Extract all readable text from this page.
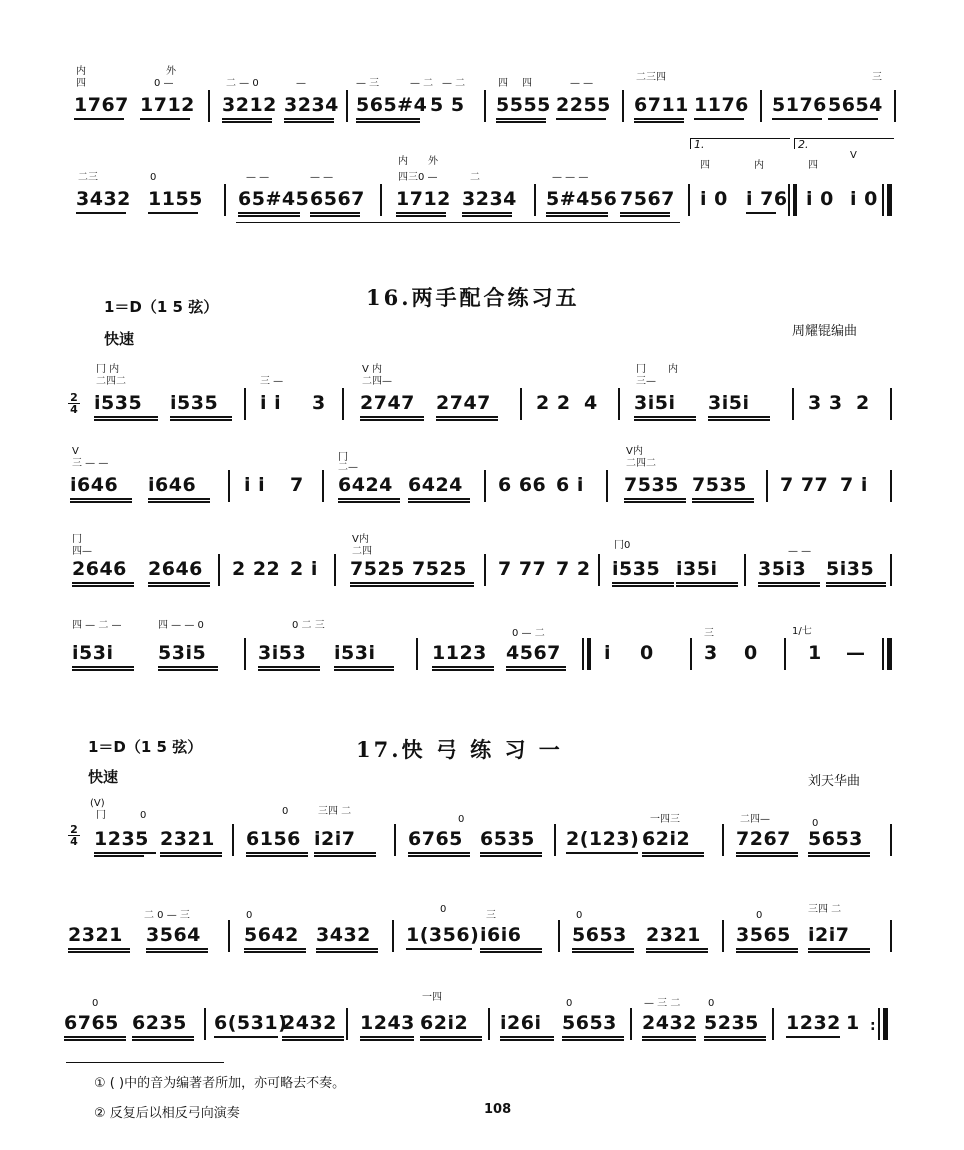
内
四
外
0 —	二 — 0	—	— 三	— 二 — 二	四 四	— —
二三四	三
1767 1712 3212 3234 565#4 5 5 5555 2255 6711 1176 5176 5654
二三	0	— —	— —
内 外
四三0 —	二	— — —
四	内	四
V
1.	2.
3432 1155 65#45 6567 1712 3234 5#456 7567 i 0 i 76 i 0 i 0
1＝D（1 5 弦）	16.两手配合练习五
快速	周耀锟编曲
2
4
冂 内
二四二	三 —
V 内
二四—
冂 内
三—
i535 i535 i i 3 2747 2747 2 2 4 3i5i 3i5i	3 3 2
V
三 — —
冂
二—
V内
二四二
i646 i646	i i 7 6424 6424 6 66 6 i 7535 7535 7 77 7 i
冂
四—
V内
二四
冂0
— —
2646 2646 2 22 2 i 7525 7525 7 77 7 2 i535 i35i 35i3 5i35
四 — 二 —	四 — — 0	0 二 三
0 — 二	三	1/七
i53i 53i5	3i53 i53i	1123 4567 i 0	3 0	1 —
1＝D（1 5 弦）	17.快 弓 练 习 一
快速	刘天华曲
2
4
(V)
冂	0	0	三四 二
0	一四三	二四—	0
1235 2321 6156 i2i7	6765 6535 2(123) 62i2 7267 5653
二 0 — 三	0
0
三	0	0
三四 二
2321 3564 5642 3432 1(356) i6i6	5653 2321 3565 i2i7
0
一四
0	— 三 二	0
6765 6235 6(531)
2432 1243 62i2 i26i 5653 2432 5235 1232 1 :
① ( )中的音为编著者所加，亦可略去不奏。
② 反复后以相反弓向演奏	108
